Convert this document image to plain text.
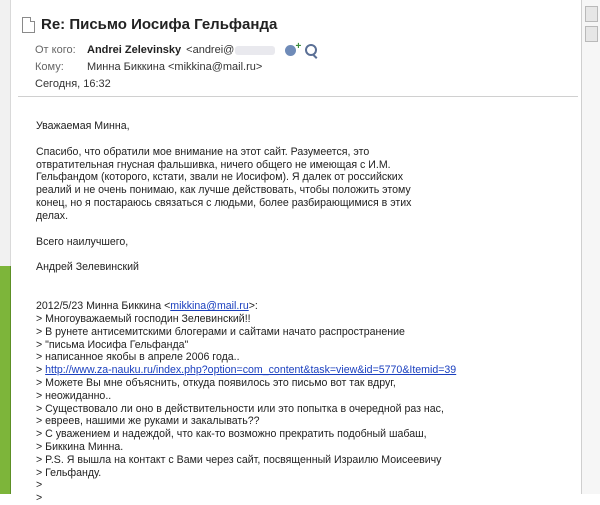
Re: Письмо Иосифа Гельфанда
От кого:	Andrei Zelevinsky <andrei@
+
Кому:	Минна Биккина <mikkina@mail.ru>
Сегодня, 16:32

Уважаемая Минна,

Спасибо, что обратили мое внимание на этот сайт. Разумеется, это

отвратительная гнусная фальшивка, ничего общего не имеющая с И.М.

Гельфандом (которого, кстати, звали не Иосифом). Я далек от российских

реалий и не очень понимаю, как лучше действовать, чтобы положить этому

конец, но я постараюсь связаться с людьми, более разбирающимися в этих

делах.

Всего наилучшего,

Андрей Зелевинский

2012/5/23 Минна Биккина <mikkina@mail.ru>:

> Многоуважаемый господин Зелевинский!!

> В рунете антисемитскими блогерами и сайтами начато распространение

> "письма Иосифа Гельфанда"

> написанное якобы в апреле 2006 года..

> http://www.za-nauku.ru/index.php?option=com_content&task=view&id=5770&Itemid=39

> Можете Вы мне объяснить, откуда появилось это письмо вот так вдруг,

> неожиданно..

> Существовало ли оно в действительности или это попытка в очередной раз нас,

> евреев, нашими же руками и закалывать??

> С уважением и надеждой, что как-то возможно прекратить подобный шабаш,

> Биккина Минна.

> P.S. Я вышла на контакт с Вами через сайт, посвященный Израилю Моисеевичу

> Гельфанду.

>

>
